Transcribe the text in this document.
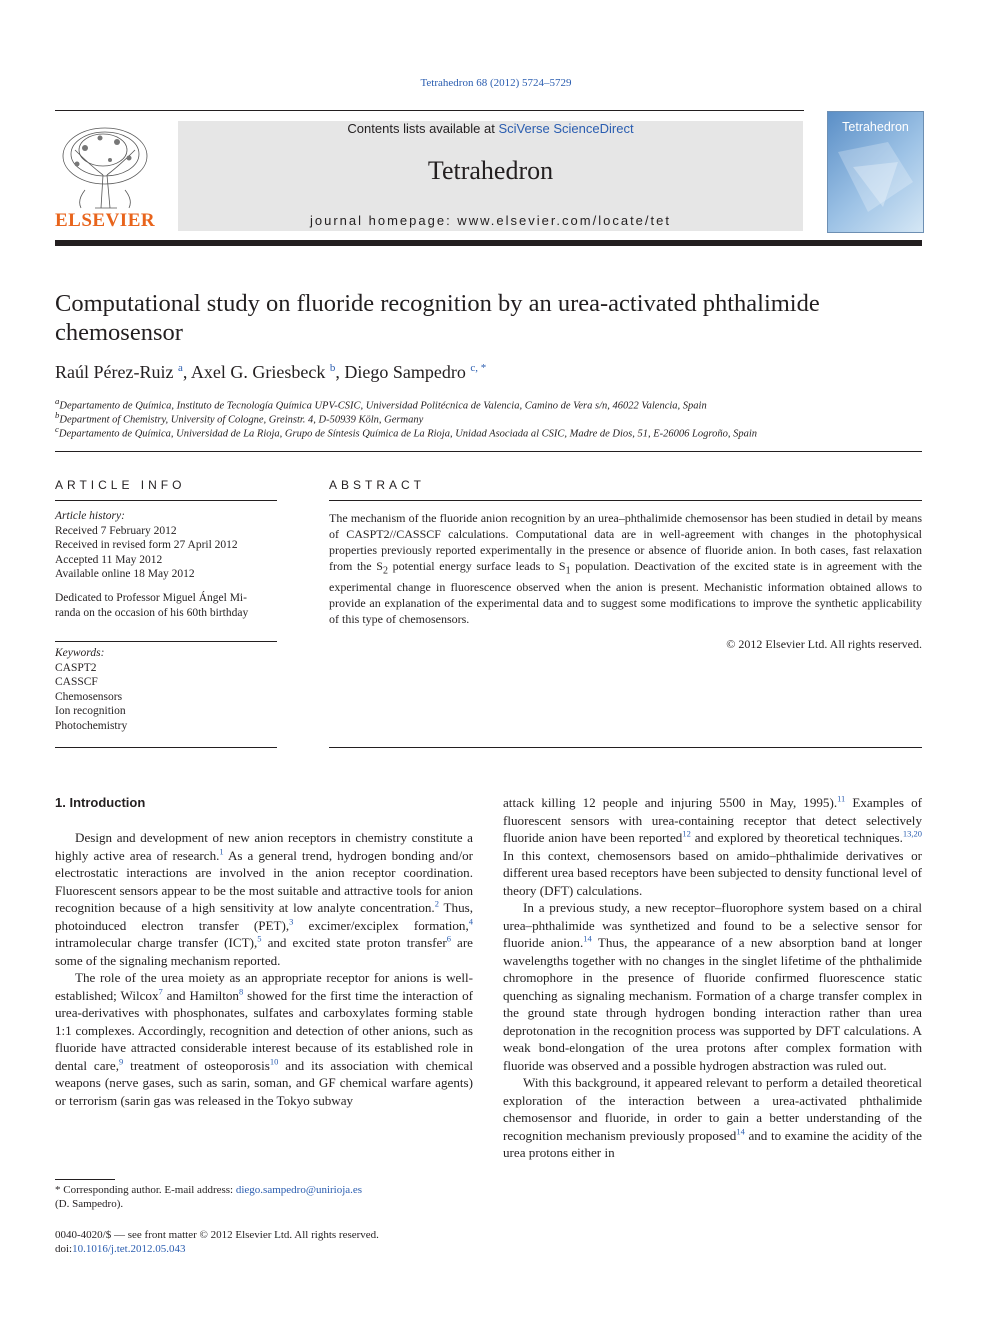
Tetrahedron 68 (2012) 5724–5729
ELSEVIER
Contents lists available at SciVerse ScienceDirect
Tetrahedron
journal homepage: www.elsevier.com/locate/tet
Tetrahedron
Computational study on fluoride recognition by an urea-activated phthalimide chemosensor
Raúl Pérez-Ruiz $^a$, Axel G. Griesbeck $^b$, Diego Sampedro $^{c, *}$
$^a$Departamento de Química, Instituto de Tecnología Química UPV-CSIC, Universidad Politécnica de Valencia, Camino de Vera s/n, 46022 Valencia, Spain
$^b$Department of Chemistry, University of Cologne, Greinstr. 4, D-50939 Köln, Germany
$^c$Departamento de Química, Universidad de La Rioja, Grupo de Síntesis Química de La Rioja, Unidad Asociada al CSIC, Madre de Dios, 51, E-26006 Logroño, Spain
ARTICLE INFO
Article history:
Received 7 February 2012
Received in revised form 27 April 2012
Accepted 11 May 2012
Available online 18 May 2012
Dedicated to Professor Miguel Ángel Mi-
randa on the occasion of his 60th birthday
Keywords:
CASPT2
CASSCF
Chemosensors
Ion recognition
Photochemistry
ABSTRACT
The mechanism of the fluoride anion recognition by an urea–phthalimide chemosensor has been studied in detail by means of CASPT2//CASSCF calculations. Computational data are in well-agreement with changes in the photophysical properties previously reported experimentally in the presence or absence of fluoride anion. In both cases, fast relaxation from the $S_2$ potential energy surface leads to $S_1$ population. Deactivation of the excited state is in agreement with the experimental change in fluorescence observed when the anion is present. Mechanistic information obtained allows to provide an explanation of the experimental data and to suggest some modifications to improve the synthetic applicability of this type of chemosensors.
© 2012 Elsevier Ltd. All rights reserved.
1. Introduction

Design and development of new anion receptors in chemistry constitute a highly active area of research.$^1$ As a general trend, hydrogen bonding and/or electrostatic interactions are involved in the anion receptor coordination. Fluorescent sensors appear to be the most suitable and attractive tools for anion recognition because of a high sensitivity at low analyte concentration.$^2$ Thus, photoinduced electron transfer (PET),$^3$ excimer/exciplex formation,$^4$ intramolecular charge transfer (ICT),$^5$ and excited state proton transfer$^6$ are some of the signaling mechanism reported.

The role of the urea moiety as an appropriate receptor for anions is well-established; Wilcox$^7$ and Hamilton$^8$ showed for the first time the interaction of urea-derivatives with phosphonates, sulfates and carboxylates forming stable 1:1 complexes. Accordingly, recognition and detection of other anions, such as fluoride have attracted considerable interest because of its established role in dental care,$^9$ treatment of osteoporosis$^{10}$ and its association with chemical weapons (nerve gases, such as sarin, soman, and GF chemical warfare agents) or terrorism (sarin gas was released in the Tokyo subway

attack killing 12 people and injuring 5500 in May, 1995).$^{11}$ Examples of fluorescent sensors with urea-containing receptor that detect selectively fluoride anion have been reported$^{12}$ and explored by theoretical techniques.$^{13,20}$ In this context, chemosensors based on amido–phthalimide derivatives or different urea based receptors have been subjected to density functional level of theory (DFT) calculations.

In a previous study, a new receptor–fluorophore system based on a chiral urea–phthalimide was synthetized and found to be a selective sensor for fluoride anion.$^{14}$ Thus, the appearance of a new absorption band at longer wavelengths together with no changes in the singlet lifetime of the phthalimide chromophore in the presence of fluoride confirmed fluorescence static quenching as signaling mechanism. Formation of a charge transfer complex in the ground state through hydrogen bonding interaction rather than urea deprotonation in the recognition process was supported by DFT calculations. A weak bond-elongation of the urea protons after complex formation with fluoride was observed and a possible hydrogen abstraction was ruled out.

With this background, it appeared relevant to perform a detailed theoretical exploration of the interaction between a urea-activated phthalimide chemosensor and fluoride, in order to gain a better understanding of the recognition mechanism previously proposed$^{14}$ and to examine the acidity of the urea protons either in

* Corresponding author. E-mail address: diego.sampedro@unirioja.es
(D. Sampedro).
0040-4020/$ — see front matter © 2012 Elsevier Ltd. All rights reserved.
doi:10.1016/j.tet.2012.05.043
